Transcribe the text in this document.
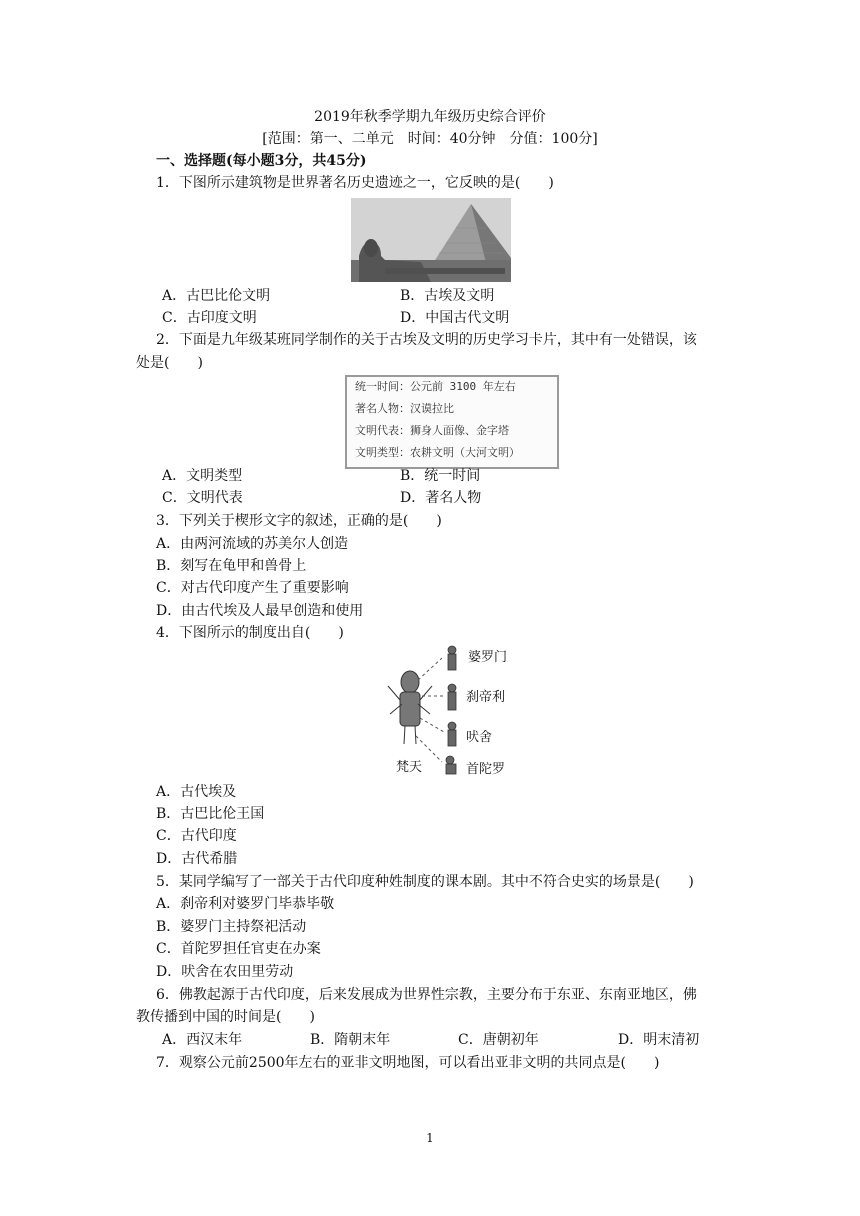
2019年秋季学期九年级历史综合评价
[范围：第一、二单元　时间：40分钟　分值：100分]
一、选择题(每小题3分，共45分)
1．下图所示建筑物是世界著名历史遗迹之一，它反映的是(　　)
A．古巴比伦文明	B．古埃及文明
C．古印度文明	D．中国古代文明
2．下面是九年级某班同学制作的关于古埃及文明的历史学习卡片，其中有一处错误，该
处是(　　)
统一时间：公元前 3100 年左右
著名人物：汉谟拉比
文明代表：狮身人面像、金字塔
文明类型：农耕文明（大河文明）
A．文明类型	B．统一时间
C．文明代表	D．著名人物
3．下列关于楔形文字的叙述，正确的是(　　)
A．由两河流域的苏美尔人创造
B．刻写在龟甲和兽骨上
C．对古代印度产生了重要影响
D．由古代埃及人最早创造和使用
4．下图所示的制度出自(　　)
婆罗门
刹帝利
吠舍
首陀罗
梵天
A．古代埃及
B．古巴比伦王国
C．古代印度
D．古代希腊
5．某同学编写了一部关于古代印度种姓制度的课本剧。其中不符合史实的场景是(　　)
A．刹帝利对婆罗门毕恭毕敬
B．婆罗门主持祭祀活动
C．首陀罗担任官吏在办案
D．吠舍在农田里劳动
6．佛教起源于古代印度，后来发展成为世界性宗教，主要分布于东亚、东南亚地区，佛
教传播到中国的时间是(　　)
A．西汉末年	B．隋朝末年	C．唐朝初年	D．明末清初
7．观察公元前2500年左右的亚非文明地图，可以看出亚非文明的共同点是(　　)
1
